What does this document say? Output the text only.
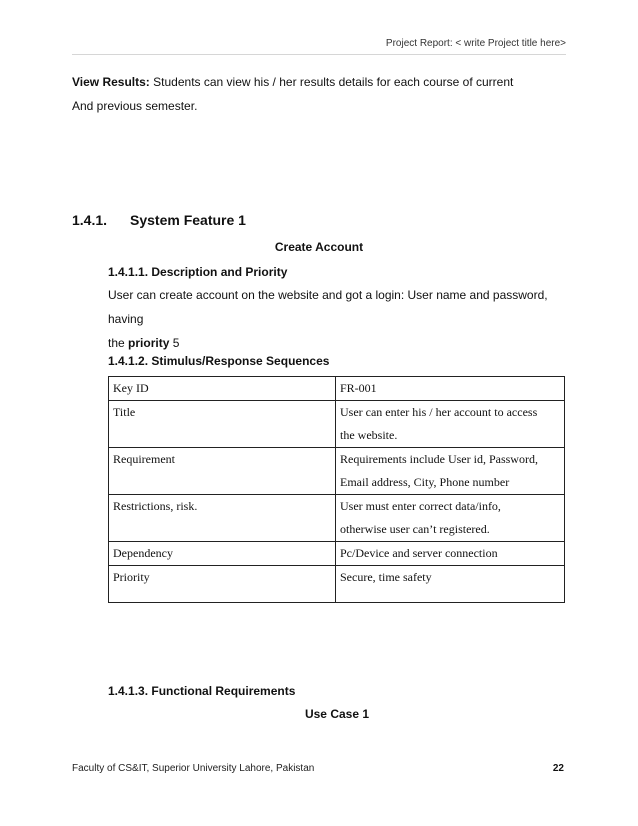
Project Report: < write Project title here>
View Results: Students can view his / her results details for each course of current
And previous semester.
1.4.1. System Feature 1
Create Account
1.4.1.1. Description and Priority
User can create account on the website and got a login: User name and password, having
the priority 5
1.4.1.2. Stimulus/Response Sequences
Key ID	FR-001
Title	User can enter his / her account to access
the website.

Requirement	Requirements include User id, Password,
Email address, City, Phone number

Restrictions, risk.	User must enter correct data/info,
otherwise user can’t registered.

Dependency	Pc/Device and server connection
Priority	Secure, time safety
1.4.1.3. Functional Requirements
Use Case 1
Faculty of CS&IT, Superior University Lahore, Pakistan	22
